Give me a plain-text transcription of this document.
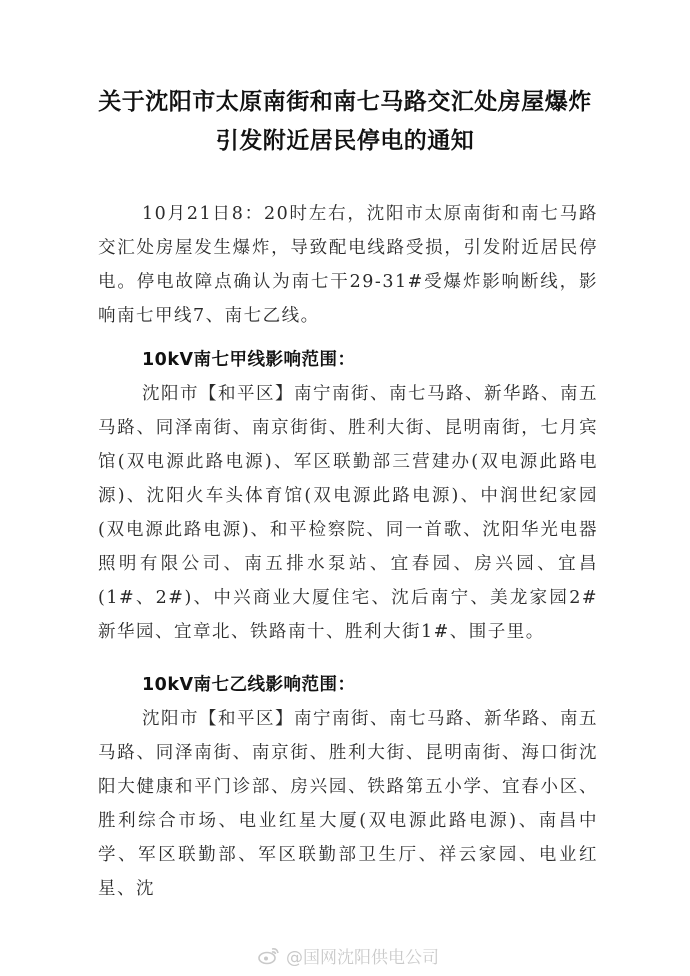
关于沈阳市太原南街和南七马路交汇处房屋爆炸
引发附近居民停电的通知

10月21日8：20时左右，沈阳市太原南街和南七马路交汇处房屋发生爆炸，导致配电线路受损，引发附近居民停电。停电故障点确认为南七干29-31#受爆炸影响断线，影响南七甲线7、南七乙线。

10kV南七甲线影响范围：

沈阳市【和平区】南宁南街、南七马路、新华路、南五马路、同泽南街、南京街街、胜利大街、昆明南街，七月宾馆(双电源此路电源)、军区联勤部三营建办(双电源此路电源)、沈阳火车头体育馆(双电源此路电源)、中润世纪家园(双电源此路电源)、和平检察院、同一首歌、沈阳华光电器照明有限公司、南五排水泵站、宜春园、房兴园、宜昌(1#、2#)、中兴商业大厦住宅、沈后南宁、美龙家园2# 新华园、宜章北、铁路南十、胜利大街1#、围子里。

10kV南七乙线影响范围：

沈阳市【和平区】南宁南街、南七马路、新华路、南五马路、同泽南街、南京街、胜利大街、昆明南街、海口街沈阳大健康和平门诊部、房兴园、铁路第五小学、宜春小区、胜利综合市场、电业红星大厦(双电源此路电源)、南昌中学、军区联勤部、军区联勤部卫生厅、祥云家园、电业红星、沈

@国网沈阳供电公司
